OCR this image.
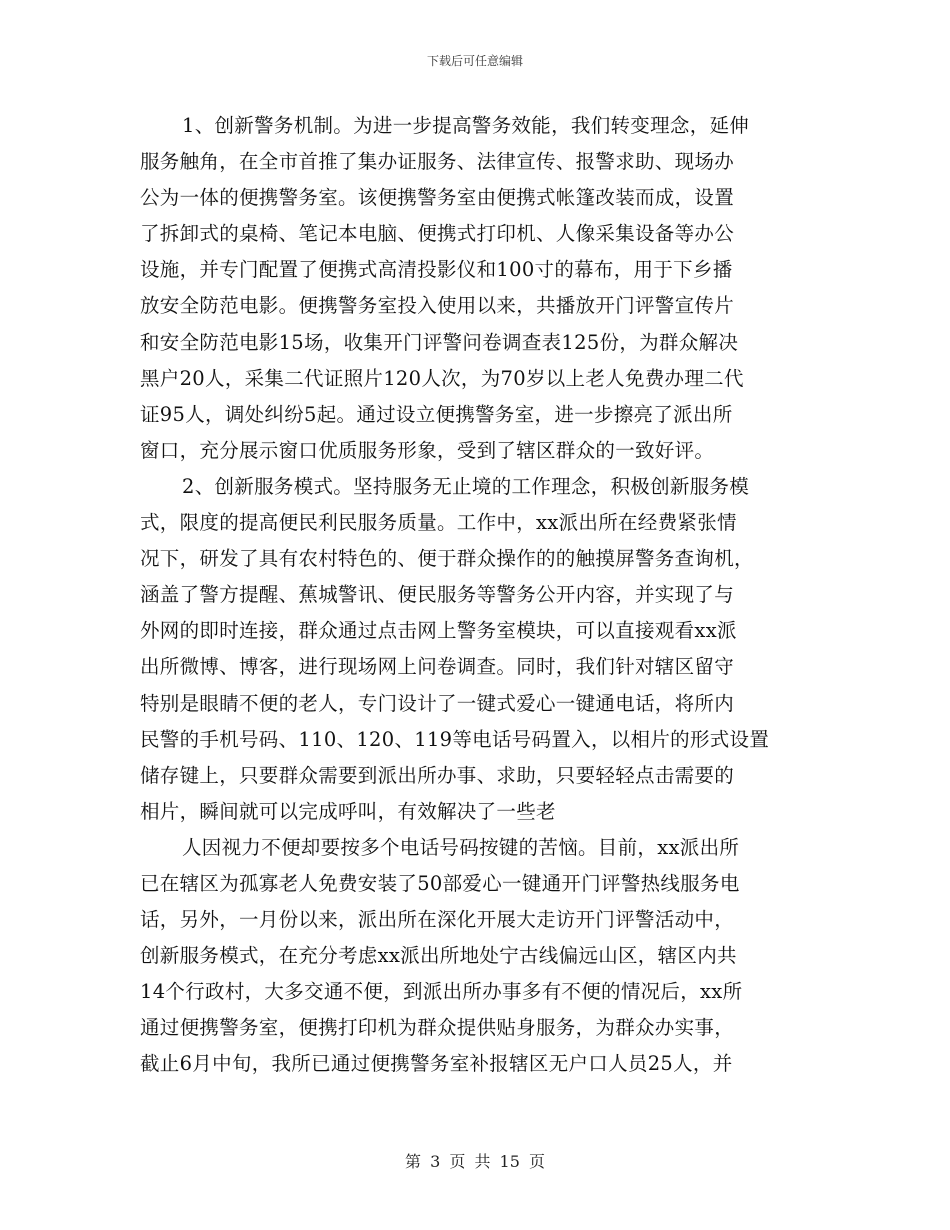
下载后可任意编辑
1、创新警务机制。为进一步提高警务效能，我们转变理念，延伸
服务触角，在全市首推了集办证服务、法律宣传、报警求助、现场办
公为一体的便携警务室。该便携警务室由便携式帐篷改装而成，设置
了拆卸式的桌椅、笔记本电脑、便携式打印机、人像采集设备等办公
设施，并专门配置了便携式高清投影仪和100寸的幕布，用于下乡播
放安全防范电影。便携警务室投入使用以来，共播放开门评警宣传片
和安全防范电影15场，收集开门评警问卷调查表125份，为群众解决
黑户20人，采集二代证照片120人次，为70岁以上老人免费办理二代
证95人，调处纠纷5起。通过设立便携警务室，进一步擦亮了派出所
窗口，充分展示窗口优质服务形象，受到了辖区群众的一致好评。
2、创新服务模式。坚持服务无止境的工作理念，积极创新服务模
式，限度的提高便民利民服务质量。工作中，xx派出所在经费紧张情
况下，研发了具有农村特色的、便于群众操作的的触摸屏警务查询机，
涵盖了警方提醒、蕉城警讯、便民服务等警务公开内容，并实现了与
外网的即时连接，群众通过点击网上警务室模块，可以直接观看xx派
出所微博、博客，进行现场网上问卷调查。同时，我们针对辖区留守
特别是眼睛不便的老人，专门设计了一键式爱心一键通电话，将所内
民警的手机号码、110、120、119等电话号码置入，以相片的形式设置
储存键上，只要群众需要到派出所办事、求助，只要轻轻点击需要的
相片，瞬间就可以完成呼叫，有效解决了一些老
人因视力不便却要按多个电话号码按键的苦恼。目前，xx派出所
已在辖区为孤寡老人免费安装了50部爱心一键通开门评警热线服务电
话，另外，一月份以来，派出所在深化开展大走访开门评警活动中，
创新服务模式，在充分考虑xx派出所地处宁古线偏远山区，辖区内共
14个行政村，大多交通不便，到派出所办事多有不便的情况后，xx所
通过便携警务室，便携打印机为群众提供贴身服务，为群众办实事，
截止6月中旬，我所已通过便携警务室补报辖区无户口人员25人，并
第 3 页 共 15 页
